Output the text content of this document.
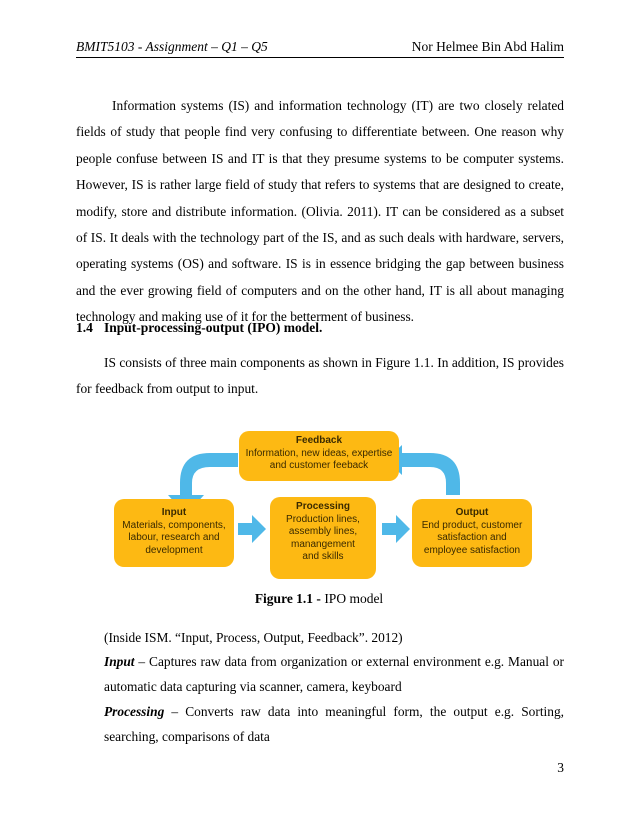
BMIT5103 - Assignment – Q1 – Q5	Nor Helmee Bin Abd Halim

Information systems (IS) and information technology (IT) are two closely related fields of study that people find very confusing to differentiate between. One reason why people confuse between IS and IT is that they presume systems to be computer systems. However, IS is rather large field of study that refers to systems that are designed to create, modify, store and distribute information. (Olivia. 2011). IT can be considered as a subset of IS. It deals with the technology part of the IS, and as such deals with hardware, servers, operating systems (OS) and software. IS is in essence bridging the gap between business and the ever growing field of computers and on the other hand, IT is all about managing technology and making use of it for the betterment of business.

1.4 Input-processing-output (IPO) model.

IS consists of three main components as shown in Figure 1.1. In addition, IS provides for feedback from output to input.

Feedback
Information, new ideas, expertise
and customer feeback
Input
Materials, components,
labour, research and
development
Processing
Production lines,
assembly lines,
manangement
and skills
Output
End product, customer
satisfaction and
employee satisfaction
Figure 1.1 - IPO model
(Inside ISM. “Input, Process, Output, Feedback”. 2012)

Input – Captures raw data from organization or external environment e.g. Manual or automatic data capturing via scanner, camera, keyboard

Processing – Converts raw data into meaningful form, the output e.g. Sorting, searching, comparisons of data

3
